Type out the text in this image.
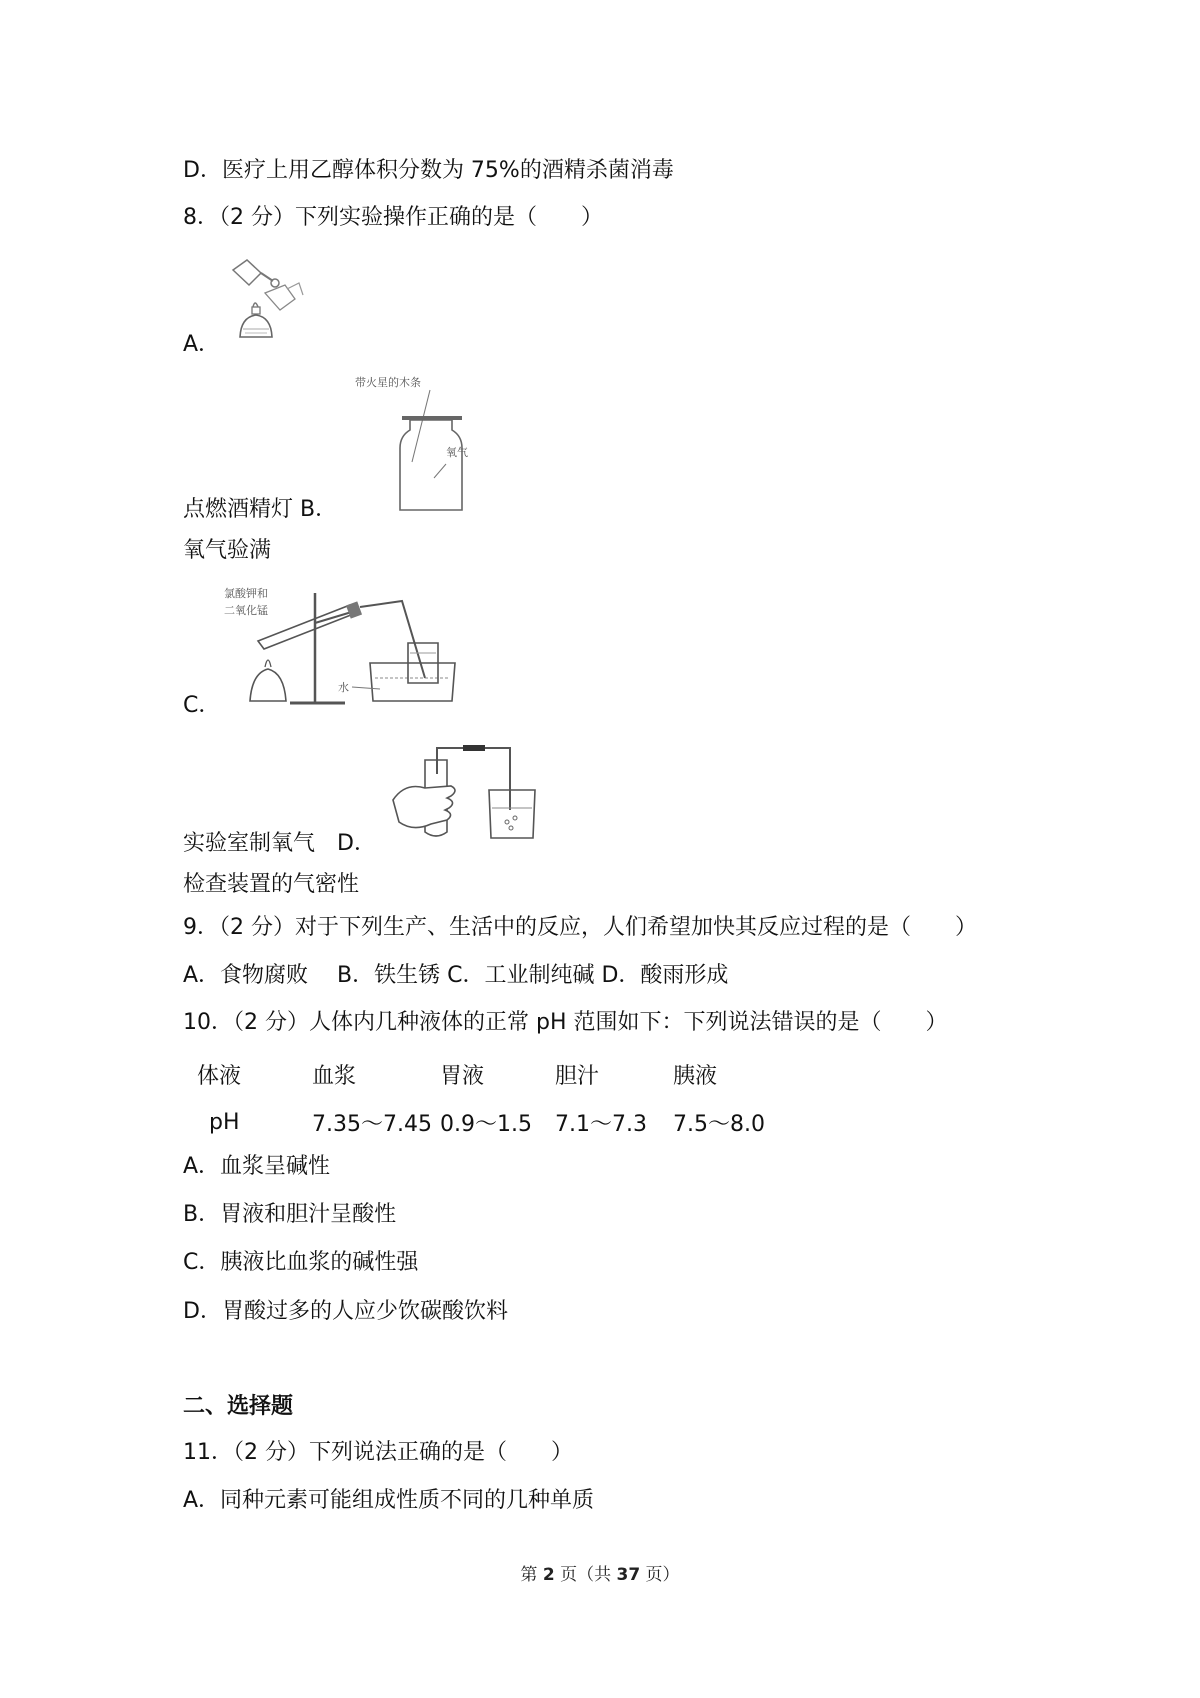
D．医疗上用乙醇体积分数为 75%的酒精杀菌消毒
8．（2 分）下列实验操作正确的是（　　）
A．
带火星的木条
氧气
点燃酒精灯 B．
氧气验满
氯酸钾和
二氧化锰
水
C．
实验室制氧气　D．
检查装置的气密性
9．（2 分）对于下列生产、生活中的反应，人们希望加快其反应过程的是（　　）
A．食物腐败　 B．铁生锈 C．工业制纯碱 D．酸雨形成
10．（2 分）人体内几种液体的正常 pH 范围如下：下列说法错误的是（　　）
体液	血浆	胃液	胆汁	胰液
pH	7.35～7.45	0.9～1.5	7.1～7.3	7.5～8.0
A．血浆呈碱性
B．胃液和胆汁呈酸性
C．胰液比血浆的碱性强
D．胃酸过多的人应少饮碳酸饮料
二、选择题
11．（2 分）下列说法正确的是（　　）
A．同种元素可能组成性质不同的几种单质
第 2 页（共 37 页）
